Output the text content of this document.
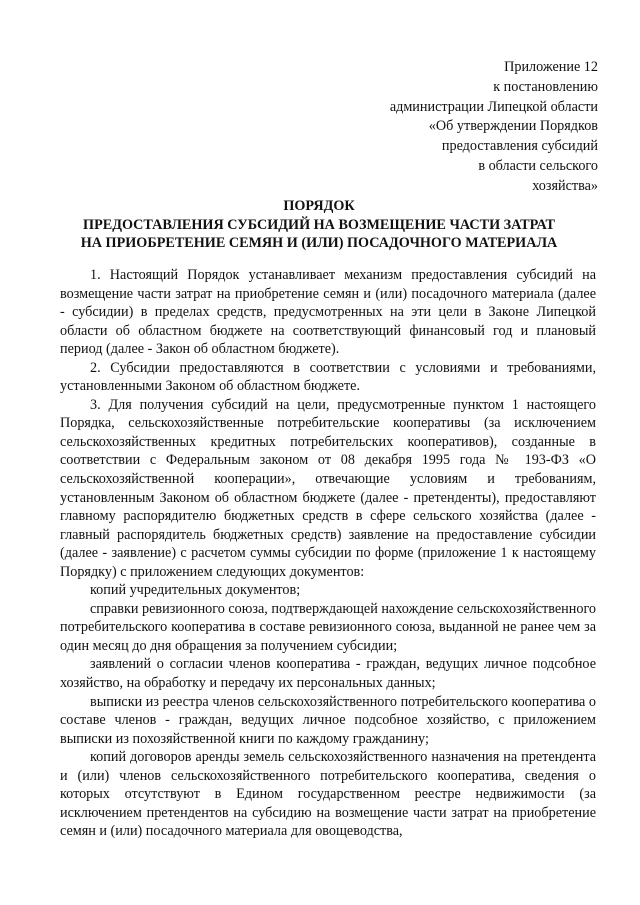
Приложение 12
к постановлению
администрации Липецкой области
«Об утверждении Порядков
предоставления субсидий
в области сельского
хозяйства»
ПОРЯДОК
ПРЕДОСТАВЛЕНИЯ СУБСИДИЙ НА ВОЗМЕЩЕНИЕ ЧАСТИ ЗАТРАТ
НА ПРИОБРЕТЕНИЕ СЕМЯН И (ИЛИ) ПОСАДОЧНОГО МАТЕРИАЛА

1. Настоящий Порядок устанавливает механизм предоставления субсидий на возмещение части затрат на приобретение семян и (или) посадочного материала (далее - субсидии) в пределах средств, предусмотренных на эти цели в Законе Липецкой области об областном бюджете на соответствующий финансовый год и плановый период (далее - Закон об областном бюджете).

2. Субсидии предоставляются в соответствии с условиями и требованиями, установленными Законом об областном бюджете.

3. Для получения субсидий на цели, предусмотренные пунктом 1 настоящего Порядка, сельскохозяйственные потребительские кооперативы (за исключением сельскохозяйственных кредитных потребительских кооперативов), созданные в соответствии с Федеральным законом от 08 декабря 1995 года № 193-ФЗ «О сельскохозяйственной кооперации», отвечающие условиям и требованиям, установленным Законом об областном бюджете (далее - претенденты), предоставляют главному распорядителю бюджетных средств в сфере сельского хозяйства (далее - главный распорядитель бюджетных средств) заявление на предоставление субсидии (далее - заявление) с расчетом суммы субсидии по форме (приложение 1 к настоящему Порядку) с приложением следующих документов:

копий учредительных документов;

справки ревизионного союза, подтверждающей нахождение сельскохозяйственного потребительского кооператива в составе ревизионного союза, выданной не ранее чем за один месяц до дня обращения за получением субсидии;

заявлений о согласии членов кооператива - граждан, ведущих личное подсобное хозяйство, на обработку и передачу их персональных данных;

выписки из реестра членов сельскохозяйственного потребительского кооператива о составе членов - граждан, ведущих личное подсобное хозяйство, с приложением выписки из похозяйственной книги по каждому гражданину;

копий договоров аренды земель сельскохозяйственного назначения на претендента и (или) членов сельскохозяйственного потребительского кооператива, сведения о которых отсутствуют в Едином государственном реестре недвижимости (за исключением претендентов на субсидию на возмещение части затрат на приобретение семян и (или) посадочного материала для овощеводства,
